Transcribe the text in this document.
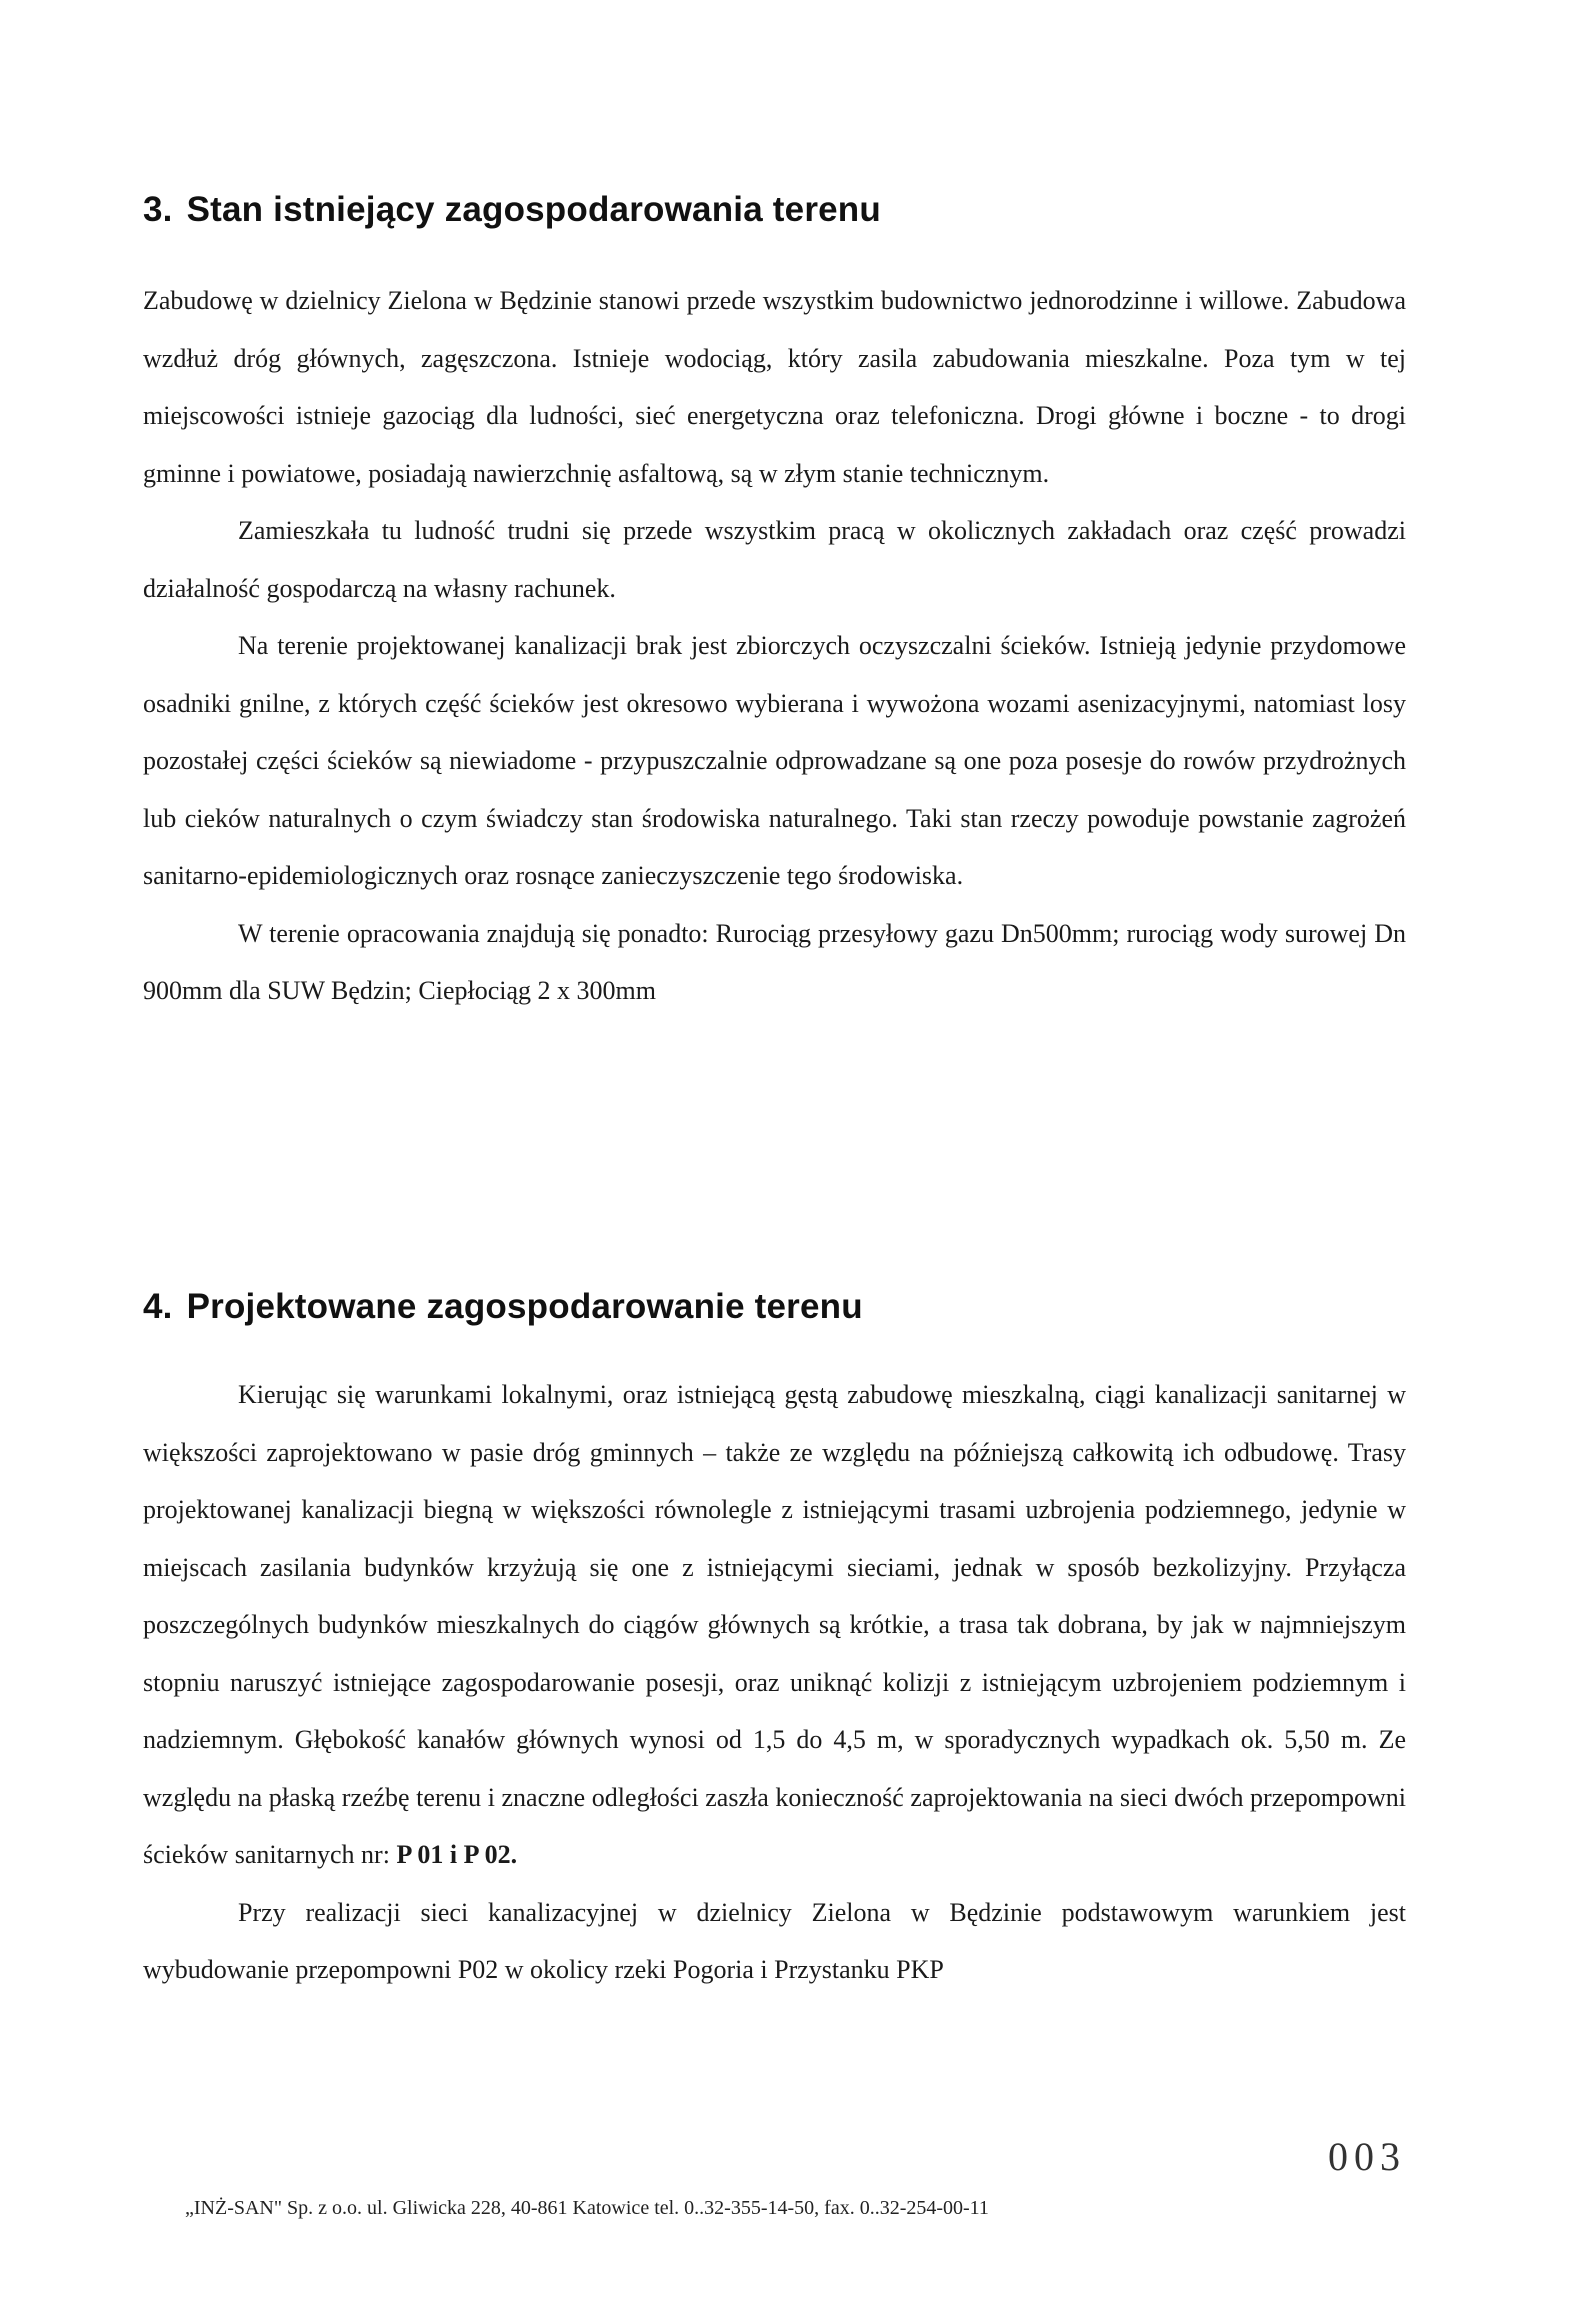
3. Stan istniejący zagospodarowania terenu

Zabudowę w dzielnicy Zielona w Będzinie stanowi przede wszystkim budownictwo jednorodzinne i willowe. Zabudowa wzdłuż dróg głównych, zagęszczona. Istnieje wodociąg, który zasila zabudowania mieszkalne. Poza tym w tej miejscowości istnieje gazociąg dla ludności, sieć energetyczna oraz telefoniczna. Drogi główne i boczne - to drogi gminne i powiatowe, posiadają nawierzchnię asfaltową, są w złym stanie technicznym.

Zamieszkała tu ludność trudni się przede wszystkim pracą w okolicznych zakładach oraz część prowadzi działalność gospodarczą na własny rachunek.

Na terenie projektowanej kanalizacji brak jest zbiorczych oczyszczalni ścieków. Istnieją jedynie przydomowe osadniki gnilne, z których część ścieków jest okresowo wybierana i wywożona wozami asenizacyjnymi, natomiast losy pozostałej części ścieków są niewiadome - przypuszczalnie odprowadzane są one poza posesje do rowów przydrożnych lub cieków naturalnych o czym świadczy stan środowiska naturalnego. Taki stan rzeczy powoduje powstanie zagrożeń sanitarno-epidemiologicznych oraz rosnące zanieczyszczenie tego środowiska.

W terenie opracowania znajdują się ponadto: Rurociąg przesyłowy gazu Dn500mm; rurociąg wody surowej Dn 900mm dla SUW Będzin; Ciepłociąg 2 x 300mm

4. Projektowane zagospodarowanie terenu

Kierując się warunkami lokalnymi, oraz istniejącą gęstą zabudowę mieszkalną, ciągi kanalizacji sanitarnej w większości zaprojektowano w pasie dróg gminnych – także ze względu na późniejszą całkowitą ich odbudowę. Trasy projektowanej kanalizacji biegną w większości równolegle z istniejącymi trasami uzbrojenia podziemnego, jedynie w miejscach zasilania budynków krzyżują się one z istniejącymi sieciami, jednak w sposób bezkolizyjny. Przyłącza poszczególnych budynków mieszkalnych do ciągów głównych są krótkie, a trasa tak dobrana, by jak w najmniejszym stopniu naruszyć istniejące zagospodarowanie posesji, oraz uniknąć kolizji z istniejącym uzbrojeniem podziemnym i nadziemnym. Głębokość kanałów głównych wynosi od 1,5 do 4,5 m, w sporadycznych wypadkach ok. 5,50 m. Ze względu na płaską rzeźbę terenu i znaczne odległości zaszła konieczność zaprojektowania na sieci dwóch przepompowni ścieków sanitarnych nr: P 01 i P 02.

Przy realizacji sieci kanalizacyjnej w dzielnicy Zielona w Będzinie podstawowym warunkiem jest wybudowanie przepompowni P02 w okolicy rzeki Pogoria i Przystanku PKP

003
„INŻ-SAN" Sp. z o.o. ul. Gliwicka 228, 40-861 Katowice tel. 0..32-355-14-50, fax. 0..32-254-00-11
